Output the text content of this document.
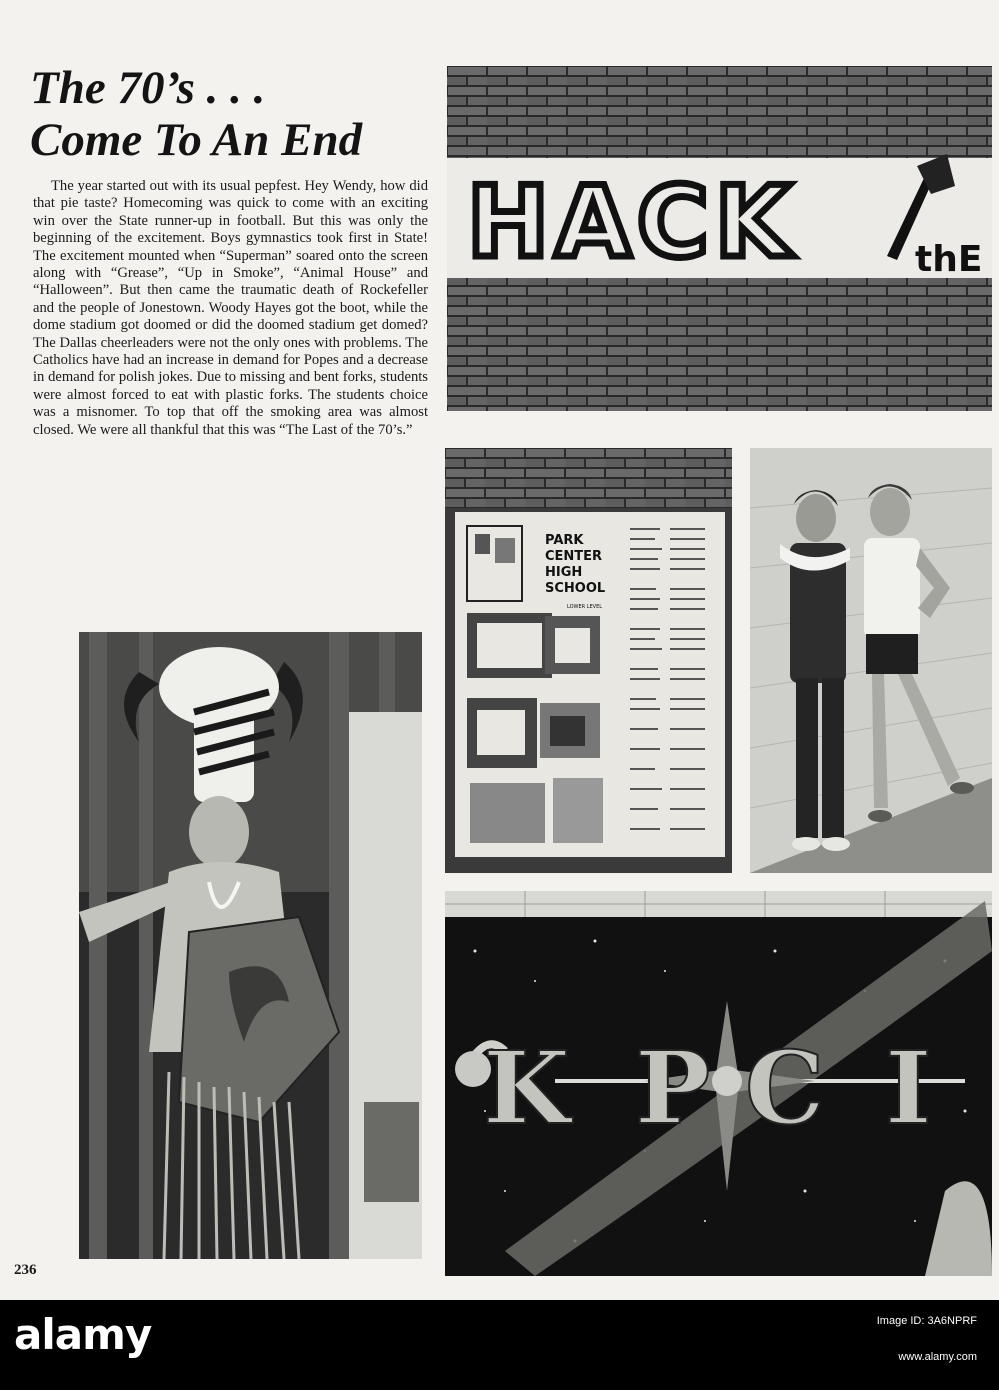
The 70’s . . .
Come To An End

The year started out with its usual pepfest. Hey Wendy, how did that pie taste? Homecoming was quick to come with an exciting win over the State runner-up in football. But this was only the beginning of the excitement. Boys gymnastics took first in State! The excitement mounted when “Superman” soared onto the screen along with “Grease”, “Up in Smoke”, “Animal House” and “Halloween”. But then came the traumatic death of Rockefeller and the people of Jonestown. Woody Hayes got the boot, while the dome stadium got doomed or did the doomed stadium get domed? The Dallas cheerleaders were not the only ones with problems. The Catholics have had an increase in demand for Popes and a decrease in demand for polish jokes. Due to missing and bent forks, students were almost forced to eat with plastic forks. The students choice was a misnomer. To top that off the smoking area was almost closed. We were all thankful that this was “The Last of the 70’s.”

HACK	thE
PARK
CENTER
HIGH
SCHOOL
LOWER LEVEL
K P C I
236
alamy	Image ID: 3A6NPRF
www.alamy.com
